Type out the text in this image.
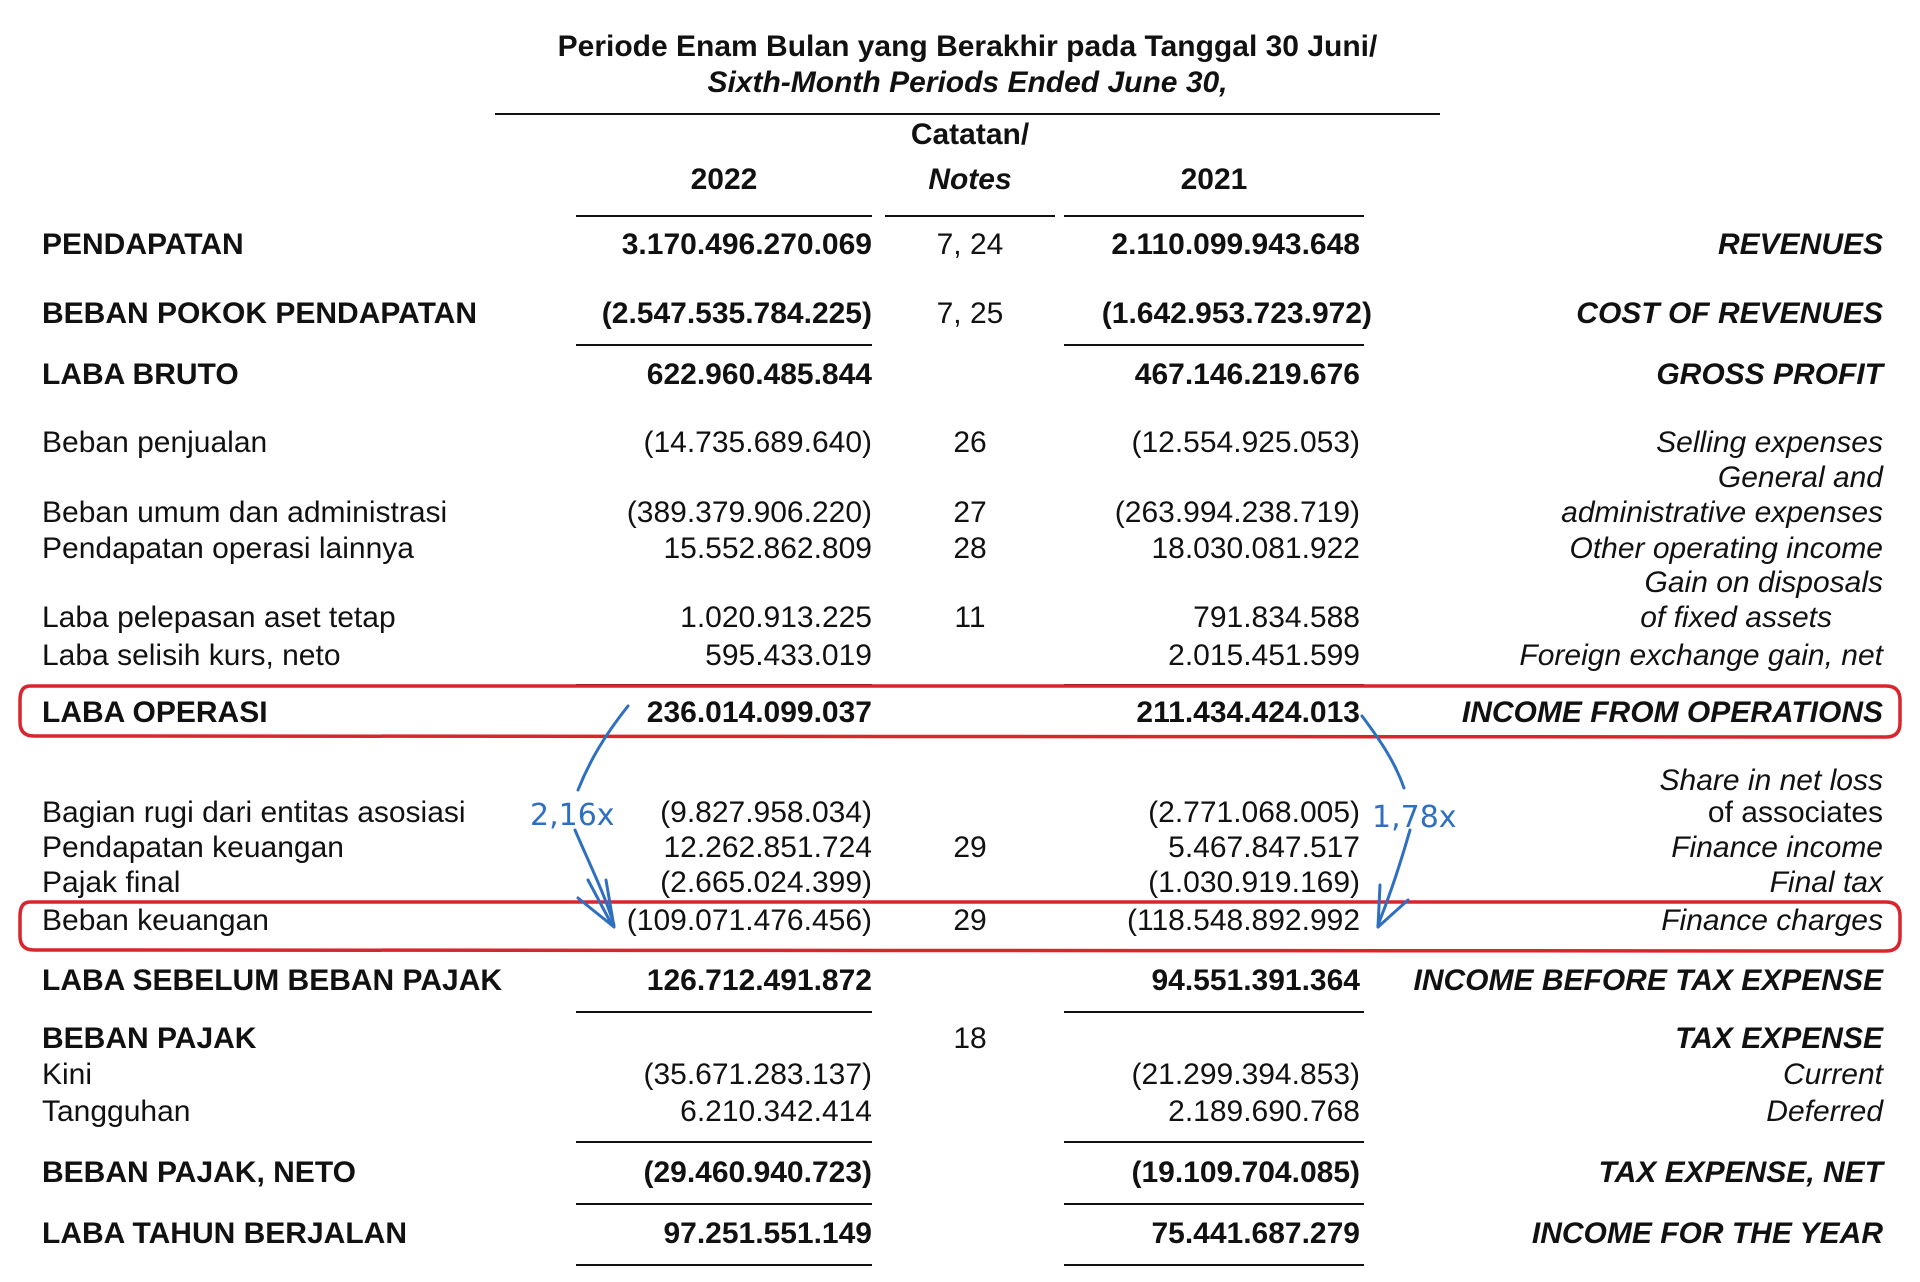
Periode Enam Bulan yang Berakhir pada Tanggal 30 Juni/
Sixth-Month Periods Ended June 30,
Catatan/
Notes
2022	2021
PENDAPATAN	3.170.496.270.069	7, 24	2.110.099.943.648	REVENUES
BEBAN POKOK PENDAPATAN	(2.547.535.784.225)	7, 25	(1.642.953.723.972)	COST OF REVENUES
LABA BRUTO	622.960.485.844	467.146.219.676	GROSS PROFIT
Beban penjualan	(14.735.689.640)	26	(12.554.925.053)	Selling expenses
General and
Beban umum dan administrasi	(389.379.906.220)	27	(263.994.238.719)	administrative expenses
Pendapatan operasi lainnya	15.552.862.809	28	18.030.081.922	Other operating income
Gain on disposals
Laba pelepasan aset tetap	1.020.913.225	11	791.834.588	of fixed assets
Laba selisih kurs, neto	595.433.019	2.015.451.599	Foreign exchange gain, net
LABA OPERASI	236.014.099.037	211.434.424.013	INCOME FROM OPERATIONS
Share in net loss
Bagian rugi dari entitas asosiasi	(9.827.958.034)	(2.771.068.005)	of associates
Pendapatan keuangan	12.262.851.724	29	5.467.847.517	Finance income
Pajak final	(2.665.024.399)	(1.030.919.169)	Final tax
Beban keuangan	(109.071.476.456)	29	(118.548.892.992	Finance charges
LABA SEBELUM BEBAN PAJAK	126.712.491.872	94.551.391.364 INCOME BEFORE TAX EXPENSE
BEBAN PAJAK	18	TAX EXPENSE
Kini	(35.671.283.137)	(21.299.394.853)	Current
Tangguhan	6.210.342.414	2.189.690.768	Deferred
BEBAN PAJAK, NETO	(29.460.940.723)	(19.109.704.085)	TAX EXPENSE, NET
LABA TAHUN BERJALAN	97.251.551.149	75.441.687.279	INCOME FOR THE YEAR
2,16x	1,78x
